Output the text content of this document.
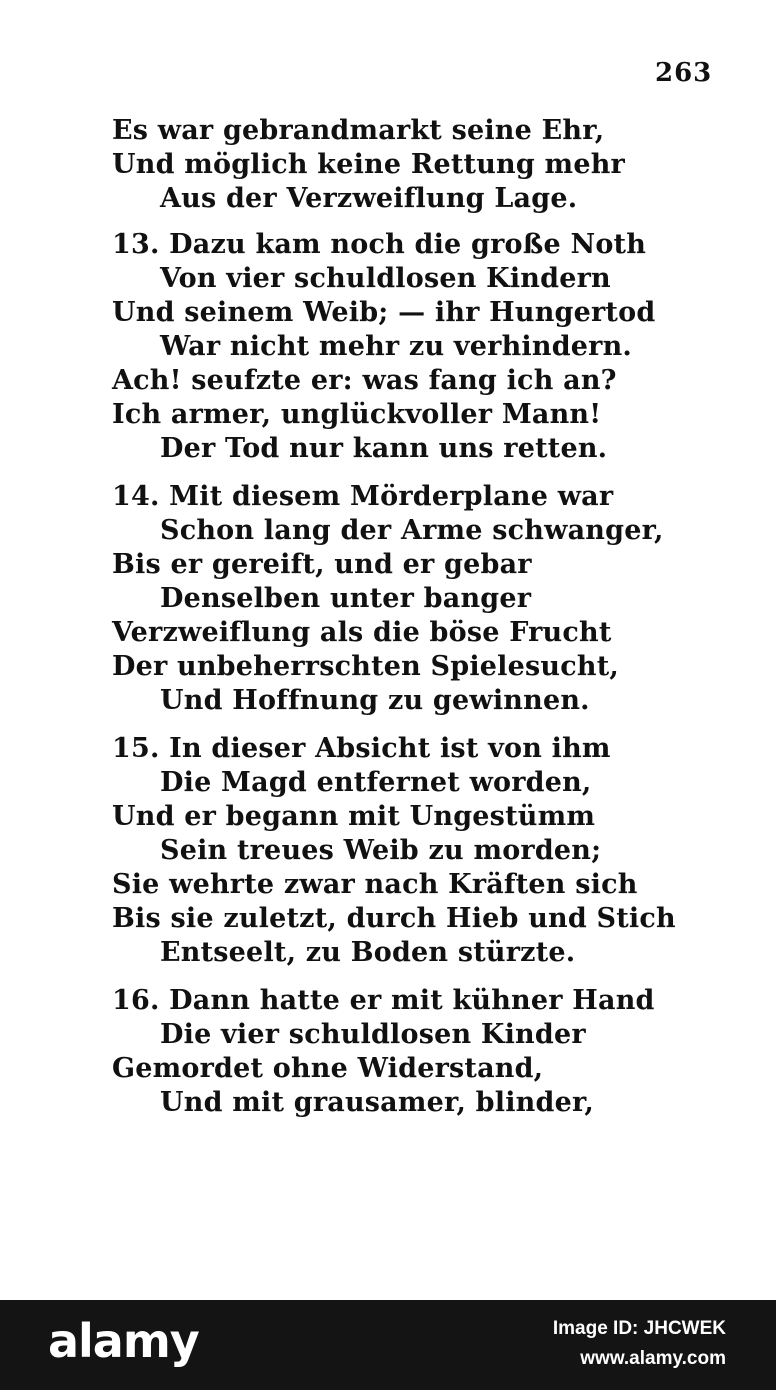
263
Es war gebrandmarkt seine Ehr,
Und möglich keine Rettung mehr
Aus der Verzweiflung Lage.
13. Dazu kam noch die große Noth
Von vier schuldlosen Kindern
Und seinem Weib; — ihr Hungertod
War nicht mehr zu verhindern.
Ach! seufzte er: was fang ich an?
Ich armer, unglückvoller Mann!
Der Tod nur kann uns retten.
14. Mit diesem Mörderplane war
Schon lang der Arme schwanger,
Bis er gereift, und er gebar
Denselben unter banger
Verzweiflung als die böse Frucht
Der unbeherrschten Spielesucht,
Und Hoffnung zu gewinnen.
15. In dieser Absicht ist von ihm
Die Magd entfernet worden,
Und er begann mit Ungestümm
Sein treues Weib zu morden;
Sie wehrte zwar nach Kräften sich
Bis sie zuletzt, durch Hieb und Stich
Entseelt, zu Boden stürzte.
16. Dann hatte er mit kühner Hand
Die vier schuldlosen Kinder
Gemordet ohne Widerstand,
Und mit grausamer, blinder,
alamy	Image ID: JHCWEK
www.alamy.com
